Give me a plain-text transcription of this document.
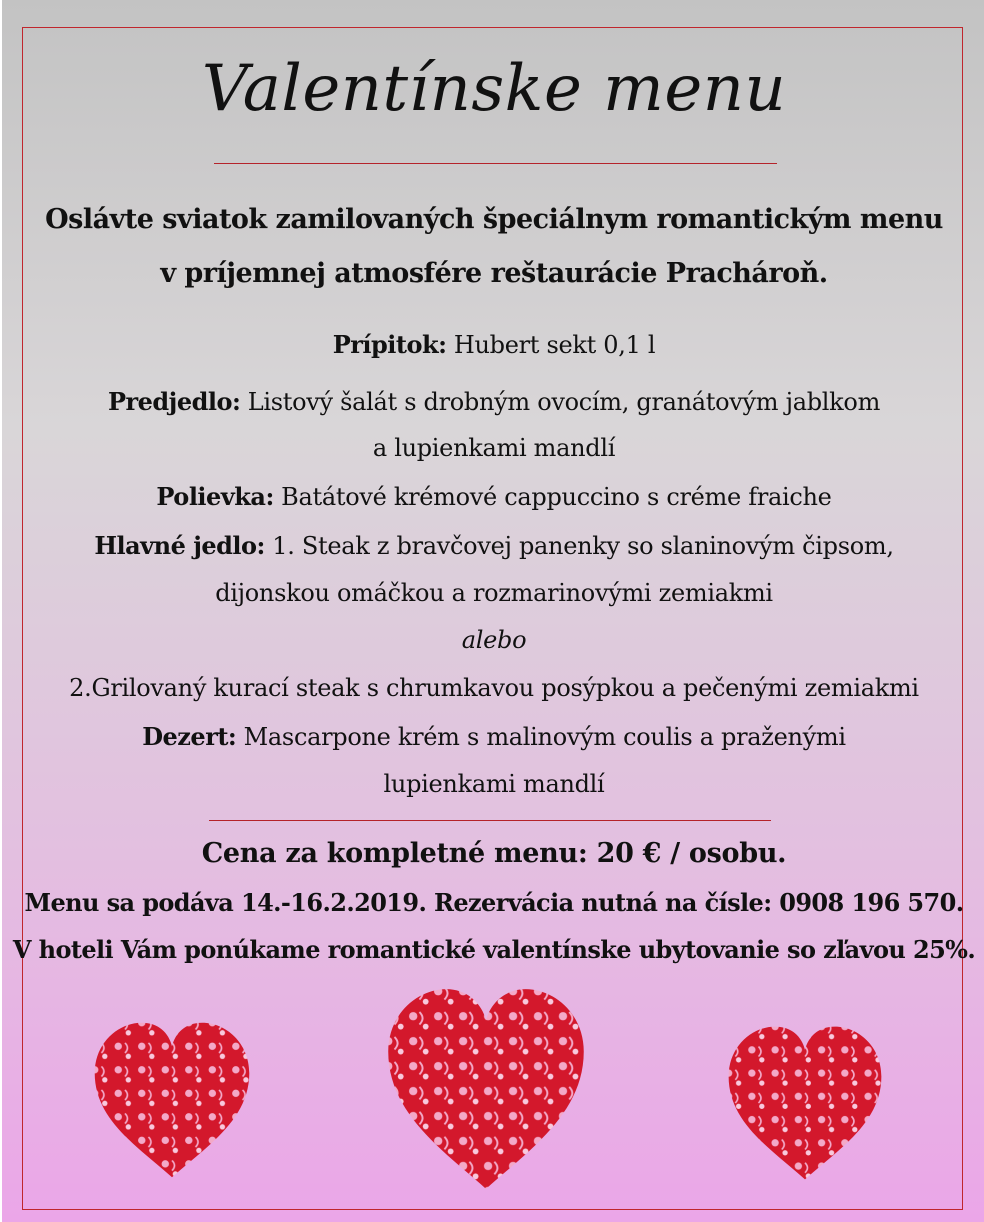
Valentínske menu
Oslávte sviatok zamilovaných špeciálnym romantickým menu
v príjemnej atmosfére reštaurácie Prachároň.
Prípitok: Hubert sekt 0,1 l
Predjedlo: Listový šalát s drobným ovocím, granátovým jablkom
a lupienkami mandlí
Polievka: Batátové krémové cappuccino s créme fraiche
Hlavné jedlo: 1. Steak z bravčovej panenky so slaninovým čipsom,
dijonskou omáčkou a rozmarinovými zemiakmi
alebo
2.Grilovaný kurací steak s chrumkavou posýpkou a pečenými zemiakmi
Dezert: Mascarpone krém s malinovým coulis a praženými
lupienkami mandlí
Cena za kompletné menu: 20 € / osobu.
Menu sa podáva 14.-16.2.2019. Rezervácia nutná na čísle: 0908 196 570.
V hoteli Vám ponúkame romantické valentínske ubytovanie so zľavou 25%.
